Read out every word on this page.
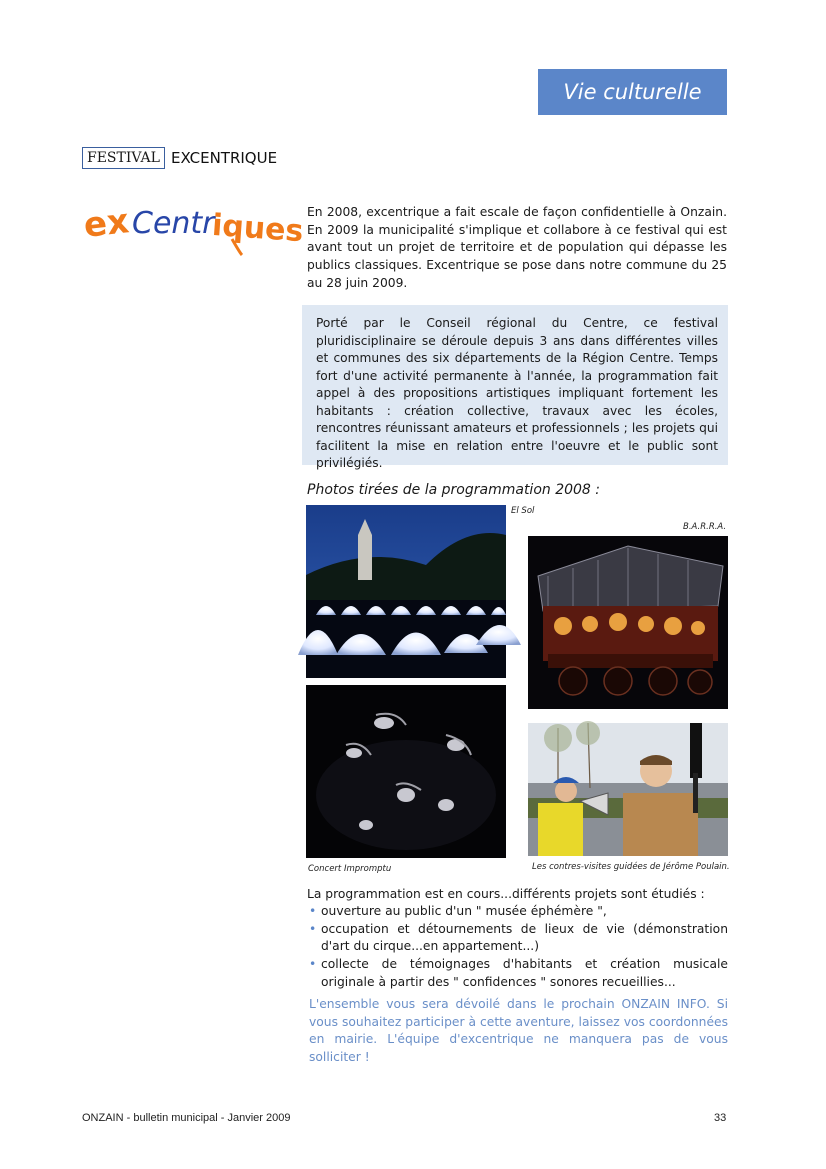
Vie culturelle
FESTIVAL EXCENTRIQUE
ex Centr
iques En 2008, excentrique a fait escale de façon confidentielle à Onzain. En 2009 la municipalité s'implique et collabore à ce festival qui est avant tout un projet de territoire et de population qui dépasse les publics classiques. Excentrique se pose dans notre commune du 25 au 28 juin 2009.
Porté par le Conseil régional du Centre, ce festival pluridisciplinaire se déroule depuis 3 ans dans différentes villes et communes des six départements de la Région Centre. Temps fort d'une activité permanente à l'année, la programmation fait appel à des propositions artistiques impliquant fortement les habitants : création collective, travaux avec les écoles, rencontres réunissant amateurs et professionnels ; les projets qui facilitent la mise en relation entre l'oeuvre et le public sont privilégiés.
Photos tirées de la programmation 2008 :
El Sol
B.A.R.R.A.
Concert Impromptu	Les contres-visites guidées de Jérôme Poulain.
La programmation est en cours...différents projets sont étudiés :
• ouverture au public d'un " musée éphémère ",
• occupation et détournements de lieux de vie (démonstration d'art du cirque...en appartement...)
• collecte de témoignages d'habitants et création musicale originale à partir des " confidences " sonores recueillies...
L'ensemble vous sera dévoilé dans le prochain ONZAIN INFO. Si vous souhaitez participer à cette aventure, laissez vos coordonnées en mairie. L'équipe d'excentrique ne manquera pas de vous solliciter !
ONZAIN - bulletin municipal - Janvier 2009	33
